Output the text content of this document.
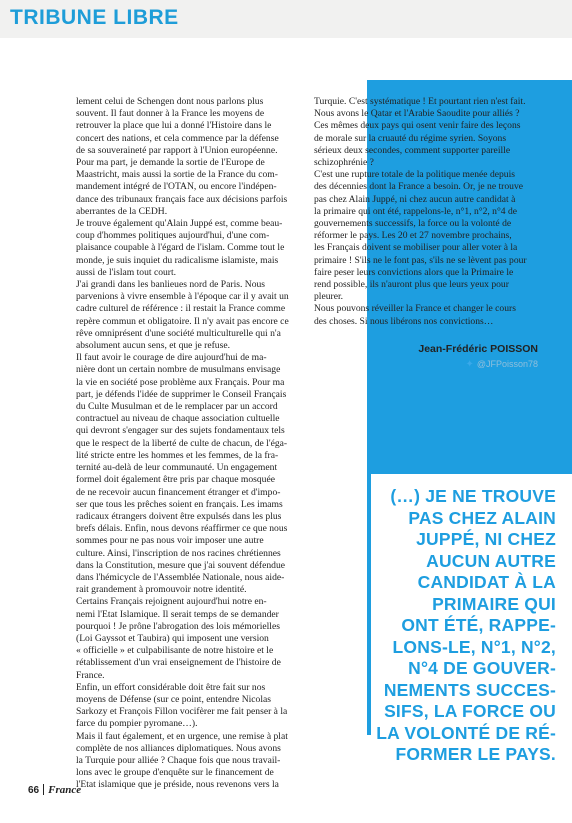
TRIBUNE LIBRE

lement celui de Schengen dont nous parlons plus

souvent. Il faut donner à la France les moyens de

retrouver la place que lui a donné l'Histoire dans le

concert des nations, et cela commence par la défense

de sa souveraineté par rapport à l'Union européenne.

Pour ma part, je demande la sortie de l'Europe de

Maastricht, mais aussi la sortie de la France du com-

mandement intégré de l'OTAN, ou encore l'indépen-

dance des tribunaux français face aux décisions parfois

aberrantes de la CEDH.

Je trouve également qu'Alain Juppé est, comme beau-

coup d'hommes politiques aujourd'hui, d'une com-

plaisance coupable à l'égard de l'islam. Comme tout le

monde, je suis inquiet du radicalisme islamiste, mais

aussi de l'islam tout court.

J'ai grandi dans les banlieues nord de Paris. Nous

parvenions à vivre ensemble à l'époque car il y avait un

cadre culturel de référence : il restait la France comme

repère commun et obligatoire. Il n'y avait pas encore ce

rêve omniprésent d'une société multiculturelle qui n'a

absolument aucun sens, et que je refuse.

Il faut avoir le courage de dire aujourd'hui de ma-

nière dont un certain nombre de musulmans envisage

la vie en société pose problème aux Français. Pour ma

part, je défends l'idée de supprimer le Conseil Français

du Culte Musulman et de le remplacer par un accord

contractuel au niveau de chaque association cultuelle

qui devront s'engager sur des sujets fondamentaux tels

que le respect de la liberté de culte de chacun, de l'éga-

lité stricte entre les hommes et les femmes, de la fra-

ternité au-delà de leur communauté. Un engagement

formel doit également être pris par chaque mosquée

de ne recevoir aucun financement étranger et d'impo-

ser que tous les prêches soient en français. Les imams

radicaux étrangers doivent être expulsés dans les plus

brefs délais. Enfin, nous devons réaffirmer ce que nous

sommes pour ne pas nous voir imposer une autre

culture. Ainsi, l'inscription de nos racines chrétiennes

dans la Constitution, mesure que j'ai souvent défendue

dans l'hémicycle de l'Assemblée Nationale, nous aide-

rait grandement à promouvoir notre identité.

Certains Français rejoignent aujourd'hui notre en-

nemi l'Etat Islamique. Il serait temps de se demander

pourquoi ! Je prône l'abrogation des lois mémorielles

(Loi Gayssot et Taubira) qui imposent une version

« officielle » et culpabilisante de notre histoire et le

rétablissement d'un vrai enseignement de l'histoire de

France.

Enfin, un effort considérable doit être fait sur nos

moyens de Défense (sur ce point, entendre Nicolas

Sarkozy et François Fillon vocifèrer me fait penser à la

farce du pompier pyromane…).

Mais il faut également, et en urgence, une remise à plat

complète de nos alliances diplomatiques. Nous avons

la Turquie pour alliée ? Chaque fois que nous travail-

lons avec le groupe d'enquête sur le financement de

l'Etat islamique que je préside, nous revenons vers la

Turquie. C'est systématique ! Et pourtant rien n'est fait.

Nous avons le Qatar et l'Arabie Saoudite pour alliés ?

Ces mêmes deux pays qui osent venir faire des leçons

de morale sur la cruauté du régime syrien. Soyons

sérieux deux secondes, comment supporter pareille

schizophrénie ?

C'est une rupture totale de la politique menée depuis

des décennies dont la France a besoin. Or, je ne trouve

pas chez Alain Juppé, ni chez aucun autre candidat à

la primaire qui ont été, rappelons-le, n°1, n°2, n°4 de

gouvernements successifs, la force ou la volonté de

réformer le pays. Les 20 et 27 novembre prochains,

les Français doivent se mobiliser pour aller voter à la

primaire ! S'ils ne le font pas, s'ils ne se lèvent pas pour

faire peser leurs convictions alors que la Primaire le

rend possible, ils n'auront plus que leurs yeux pour

pleurer.

Nous pouvons réveiller la France et changer le cours

des choses. Si nous libérons nos convictions…

Jean-Frédéric POISSON
✦ @JFPoisson78
(…) JE NE TROUVE
PAS CHEZ ALAIN
JUPPÉ, NI CHEZ
AUCUN AUTRE
CANDIDAT À LA
PRIMAIRE QUI
ONT ÉTÉ, RAPPE-
LONS-LE, N°1, N°2,
N°4 DE GOUVER-
NEMENTS SUCCES-
SIFS, LA FORCE OU
LA VOLONTÉ DE RÉ-
FORMER LE PAYS.
66 France
